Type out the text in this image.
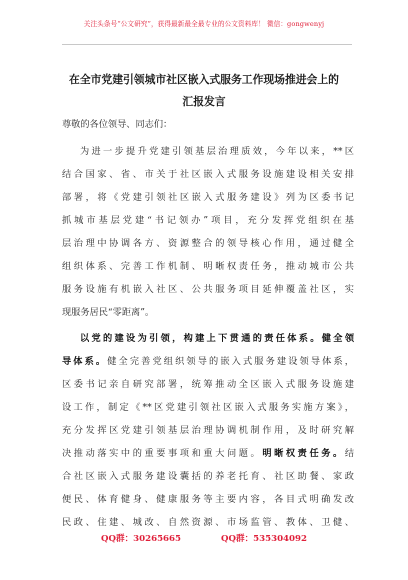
关注头条号“公文研究”，获得最新最全最专业的公文资料库！ 微信：gongwenyj
在全市党建引领城市社区嵌入式服务工作现场推进会上的
汇报发言
尊敬的各位领导、同志们：
为进一步提升党建引领基层治理质效，今年以来，**区
结合国家、省、市关于社区嵌入式服务设施建设相关安排
部署，将《党建引领社区嵌入式服务建设》列为区委书记
抓城市基层党建“书记领办”项目，充分发挥党组织在基
层治理中协调各方、资源整合的领导核心作用，通过健全
组织体系、完善工作机制、明晰权责任务，推动城市公共
服务设施有机嵌入社区、公共服务项目延伸覆盖社区，实
现服务居民“零距离”。
以党的建设为引领，构建上下贯通的责任体系。健全领
导体系。健全完善党组织领导的嵌入式服务建设领导体系，
区委书记亲自研究部署，统筹推动全区嵌入式服务设施建
设工作，制定《**区党建引领社区嵌入式服务实施方案》，
充分发挥区党建引领基层治理协调机制作用，及时研究解
决推动落实中的重要事项和重大问题。明晰权责任务。结
合社区嵌入式服务建设囊括的养老托育、社区助餐、家政
便民、体育健身、健康服务等主要内容，各目式明确发改
民政、住建、城改、自然资源、市场监管、教体、卫健、
QQ群：30265665	QQ群：535304092
